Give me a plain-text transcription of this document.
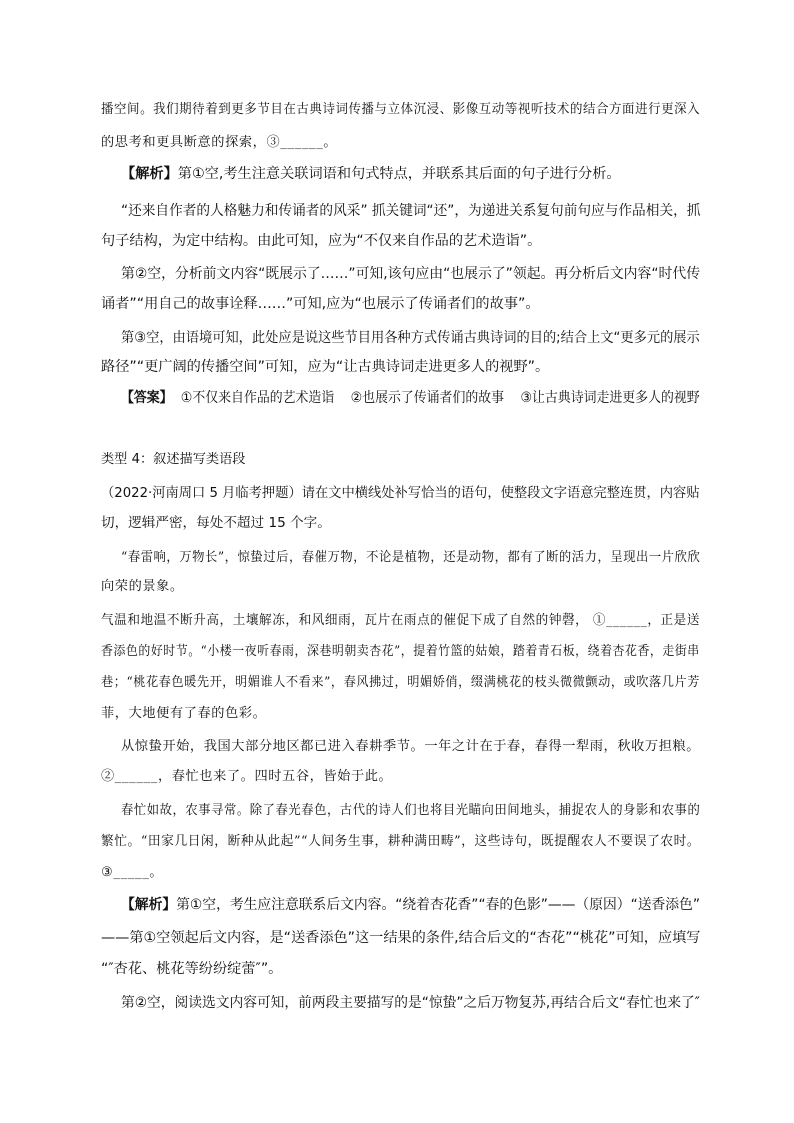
播空间。我们期待着到更多节目在古典诗词传播与立体沉浸、影像互动等视听技术的结合方面进行更深入
的思考和更具断意的探索，③______。
【解析】第①空,考生注意关联词语和句式特点，并联系其后面的句子进行分析。
“还来自作者的人格魅力和传诵者的风采” 抓关键词“还”，为递进关系复句前句应与作品相关，抓
句子结构，为定中结构。由此可知，应为“不仅来自作品的艺术造诣”。
第②空，分析前文内容“既展示了……”可知,该句应由“也展示了”领起。再分析后文内容“时代传
诵者”“用自己的故事诠释……”可知,应为“也展示了传诵者们的故事”。
第③空，由语境可知，此处应是说这些节目用各种方式传诵古典诗词的目的;结合上文“更多元的展示
路径”“更广阔的传播空间”可知，应为“让古典诗词走进更多人的视野”。
【答案】 ①不仅来自作品的艺术造诣 ②也展示了传诵者们的故事 ③让古典诗词走进更多人的视野
类型 4：叙述描写类语段
（2022·河南周口 5 月临考押题）请在文中横线处补写恰当的语句，使整段文字语意完整连贯，内容贴
切，逻辑严密，每处不超过 15 个字。
“春雷响，万物长”，惊蛰过后，春催万物，不论是植物，还是动物，都有了断的活力，呈现出一片欣欣
向荣的景象。
气温和地温不断升高，土壤解冻，和风细雨，瓦片在雨点的催促下成了自然的钟磬， ①______，正是送
香添色的好时节。“小楼一夜听春雨，深巷明朝卖杏花”，提着竹篮的姑娘，踏着青石板，绕着杏花香，走街串
巷；“桃花春色暖先开，明媚谁人不看来”，春风拂过，明媚娇俏，缀满桃花的枝头微微颤动，或吹落几片芳
菲，大地便有了春的色彩。
从惊蛰开始，我国大部分地区都已进入春耕季节。一年之计在于春，春得一犁雨，秋收万担粮。
②______，春忙也来了。四时五谷，皆始于此。
春忙如故，农事寻常。除了春光春色，古代的诗人们也将目光瞄向田间地头，捕捉农人的身影和农事的
繁忙。“田家几日闲，断种从此起”“人间务生事，耕种满田畴”，这些诗句，既提醒农人不要误了农时。
③_____。
【解析】第①空，考生应注意联系后文内容。“绕着杏花香”“春的色影”——（原因）“送香添色”
——第①空领起后文内容，是“送香添色”这一结果的条件,结合后文的“杏花”“桃花”可知，应填写
“″杏花、桃花等纷纷绽蕾″”。
第②空，阅读选文内容可知，前两段主要描写的是“惊蛰”之后万物复苏,再结合后文“春忙也来了″
